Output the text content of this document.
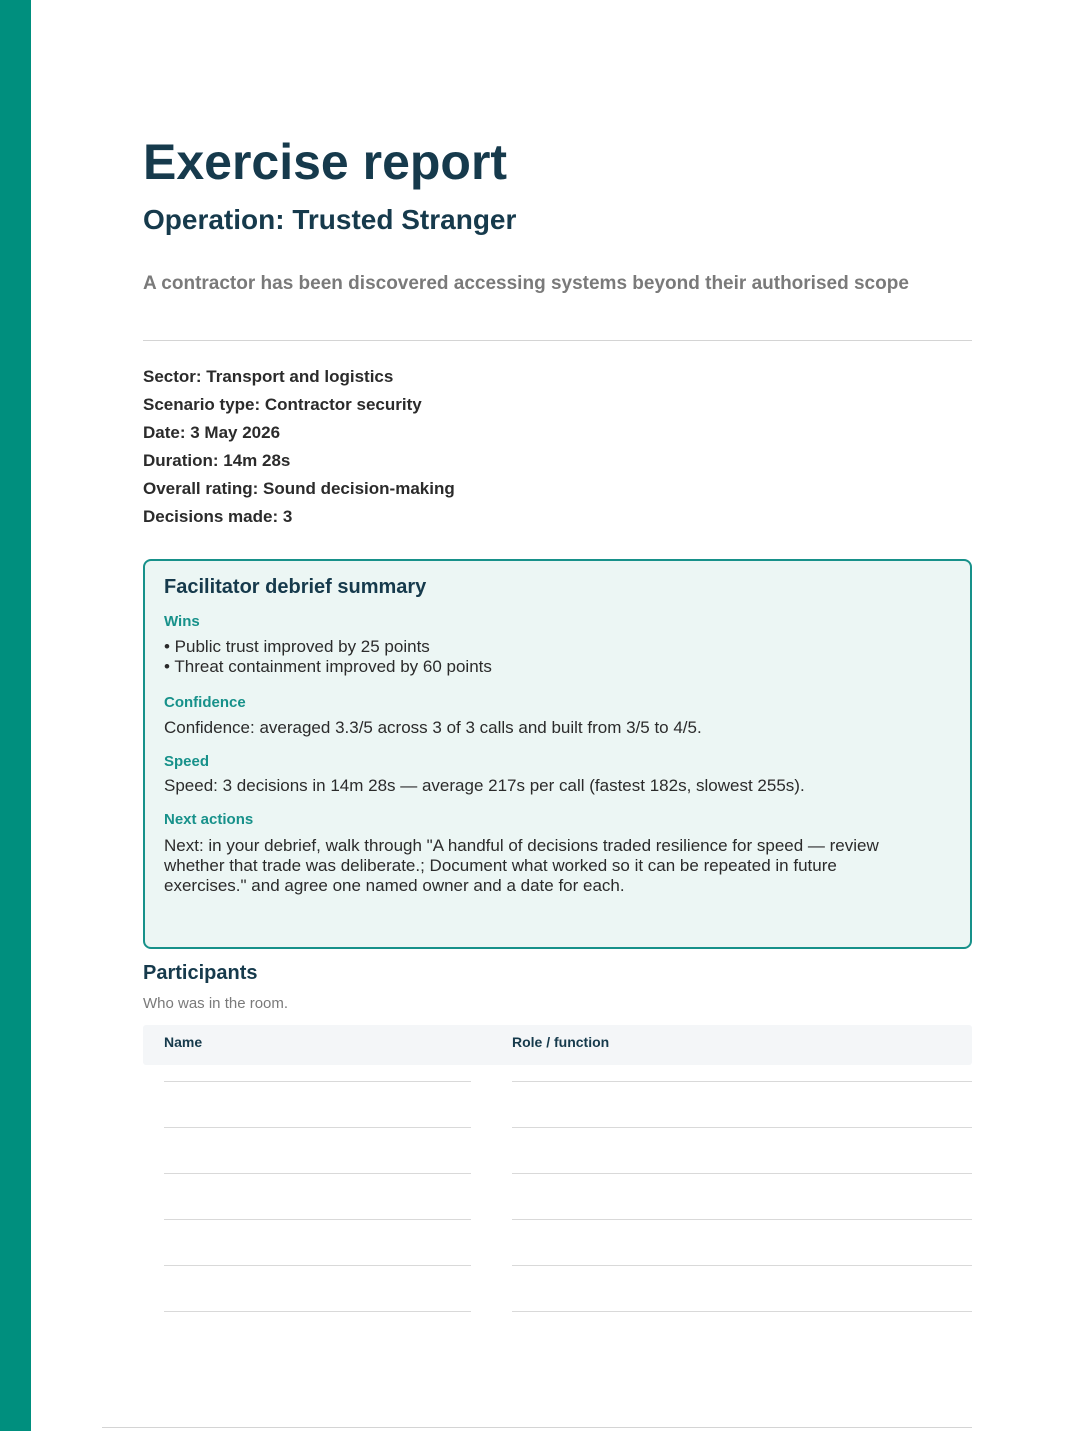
Exercise report
Operation: Trusted Stranger

A contractor has been discovered accessing systems beyond their authorised scope

Sector: Transport and logistics
Scenario type: Contractor security
Date: 3 May 2026
Duration: 14m 28s
Overall rating: Sound decision-making
Decisions made: 3
Facilitator debrief summary
Wins
• Public trust improved by 25 points
• Threat containment improved by 60 points
Confidence
Confidence: averaged 3.3/5 across 3 of 3 calls and built from 3/5 to 4/5.
Speed
Speed: 3 decisions in 14m 28s — average 217s per call (fastest 182s, slowest 255s).
Next actions
Next: in your debrief, walk through "A handful of decisions traded resilience for speed — review whether that trade was deliberate.; Document what worked so it can be repeated in future exercises." and agree one named owner and a date for each.
Participants
Who was in the room.
Name	Role / function
